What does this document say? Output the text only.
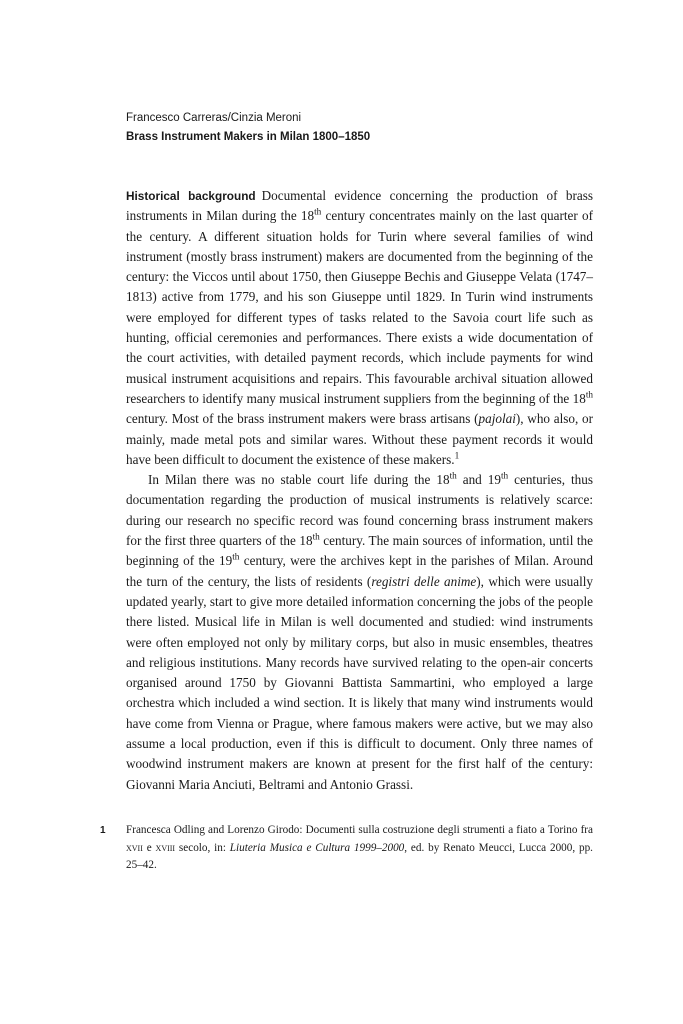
Francesco Carreras/Cinzia Meroni
Brass Instrument Makers in Milan 1800–1850

Historical background Documental evidence concerning the production of brass instruments in Milan during the 18th century concentrates mainly on the last quarter of the century. A different situation holds for Turin where several families of wind instrument (mostly brass instrument) makers are documented from the beginning of the century: the Viccos until about 1750, then Giuseppe Bechis and Giuseppe Velata (1747–1813) active from 1779, and his son Giuseppe until 1829. In Turin wind instruments were employed for different types of tasks related to the Savoia court life such as hunting, official ceremonies and performances. There exists a wide documentation of the court activities, with detailed payment records, which include payments for wind musical instrument acquisitions and repairs. This favourable archival situation allowed researchers to identify many musical instrument suppliers from the beginning of the 18th century. Most of the brass instrument makers were brass artisans (pajolai), who also, or mainly, made metal pots and similar wares. Without these payment records it would have been difficult to document the existence of these makers.$^1$

In Milan there was no stable court life during the 18th and 19th centuries, thus documentation regarding the production of musical instruments is relatively scarce: during our research no specific record was found concerning brass instrument makers for the first three quarters of the 18th century. The main sources of information, until the beginning of the 19th century, were the archives kept in the parishes of Milan. Around the turn of the century, the lists of residents (registri delle anime), which were usually updated yearly, start to give more detailed information concerning the jobs of the people there listed. Musical life in Milan is well documented and studied: wind instruments were often employed not only by military corps, but also in music ensembles, theatres and religious institutions. Many records have survived relating to the open-air concerts organised around 1750 by Giovanni Battista Sammartini, who employed a large orchestra which included a wind section. It is likely that many wind instruments would have come from Vienna or Prague, where famous makers were active, but we may also assume a local production, even if this is difficult to document. Only three names of woodwind instrument makers are known at present for the first half of the century: Giovanni Maria Anciuti, Beltrami and Antonio Grassi.

1	Francesca Odling and Lorenzo Girodo: Documenti sulla costruzione degli strumenti a fiato a Torino fra xvii e xviii secolo, in: Liuteria Musica e Cultura 1999–2000, ed. by Renato Meucci, Lucca 2000, pp. 25–42.
